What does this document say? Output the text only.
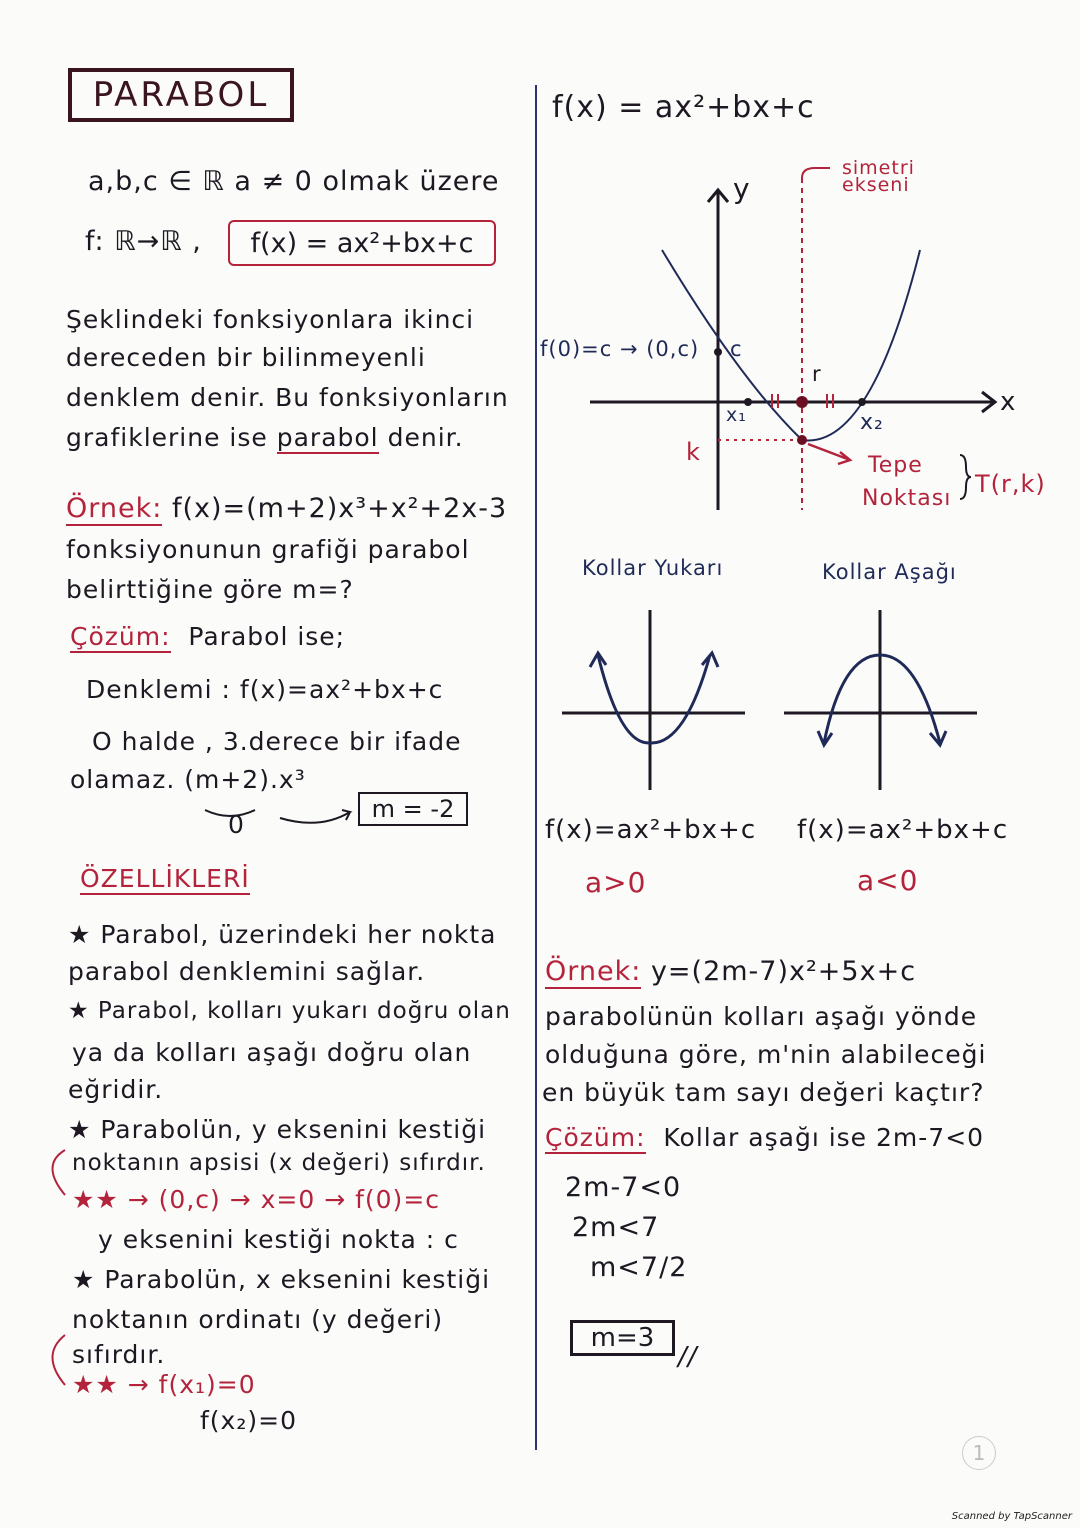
PARABOL
a,b,c ∈ ℝ a ≠ 0 olmak üzere
f: ℝ→ℝ ,	f(x) = ax²+bx+c
Şeklindeki fonksiyonlara ikinci
dereceden bir bilinmeyenli
denklem denir. Bu fonksiyonların
grafiklerine ise parabol denir.
Örnek: f(x)=(m+2)x³+x²+2x-3
fonksiyonunun grafiği parabol
belirttiğine göre m=?
Çözüm: Parabol ise;
Denklemi : f(x)=ax²+bx+c
O halde , 3.derece bir ifade
olamaz. (m+2).x³
0
m = -2
ÖZELLİKLERİ
★ Parabol, üzerindeki her nokta
parabol denklemini sağlar.
★ Parabol, kolları yukarı doğru olan
ya da kolları aşağı doğru olan
eğridir.
★ Parabolün, y eksenini kestiği
noktanın apsisi (x değeri) sıfırdır.
★★ → (0,c) → x=0 → f(0)=c
y eksenini kestiği nokta : c
★ Parabolün, x eksenini kestiği
noktanın ordinatı (y değeri)
sıfırdır.
★★ → f(x₁)=0
f(x₂)=0
f(x) = ax²+bx+c
y
x
simetri ekseni
f(0)=c → (0,c) c
r
k
x₁	x₂
Tepe
Noktası
T(r,k)
Kollar Yukarı	Kollar Aşağı
f(x)=ax²+bx+c f(x)=ax²+bx+c
a>0	a<0
Örnek: y=(2m-7)x²+5x+c
parabolünün kolları aşağı yönde
olduğuna göre, m'nin alabileceği
en büyük tam sayı değeri kaçtır?
Çözüm: Kollar aşağı ise 2m-7<0
2m-7<0
2m<7
m<7/2
m=3
//
1
Scanned by TapScanner
